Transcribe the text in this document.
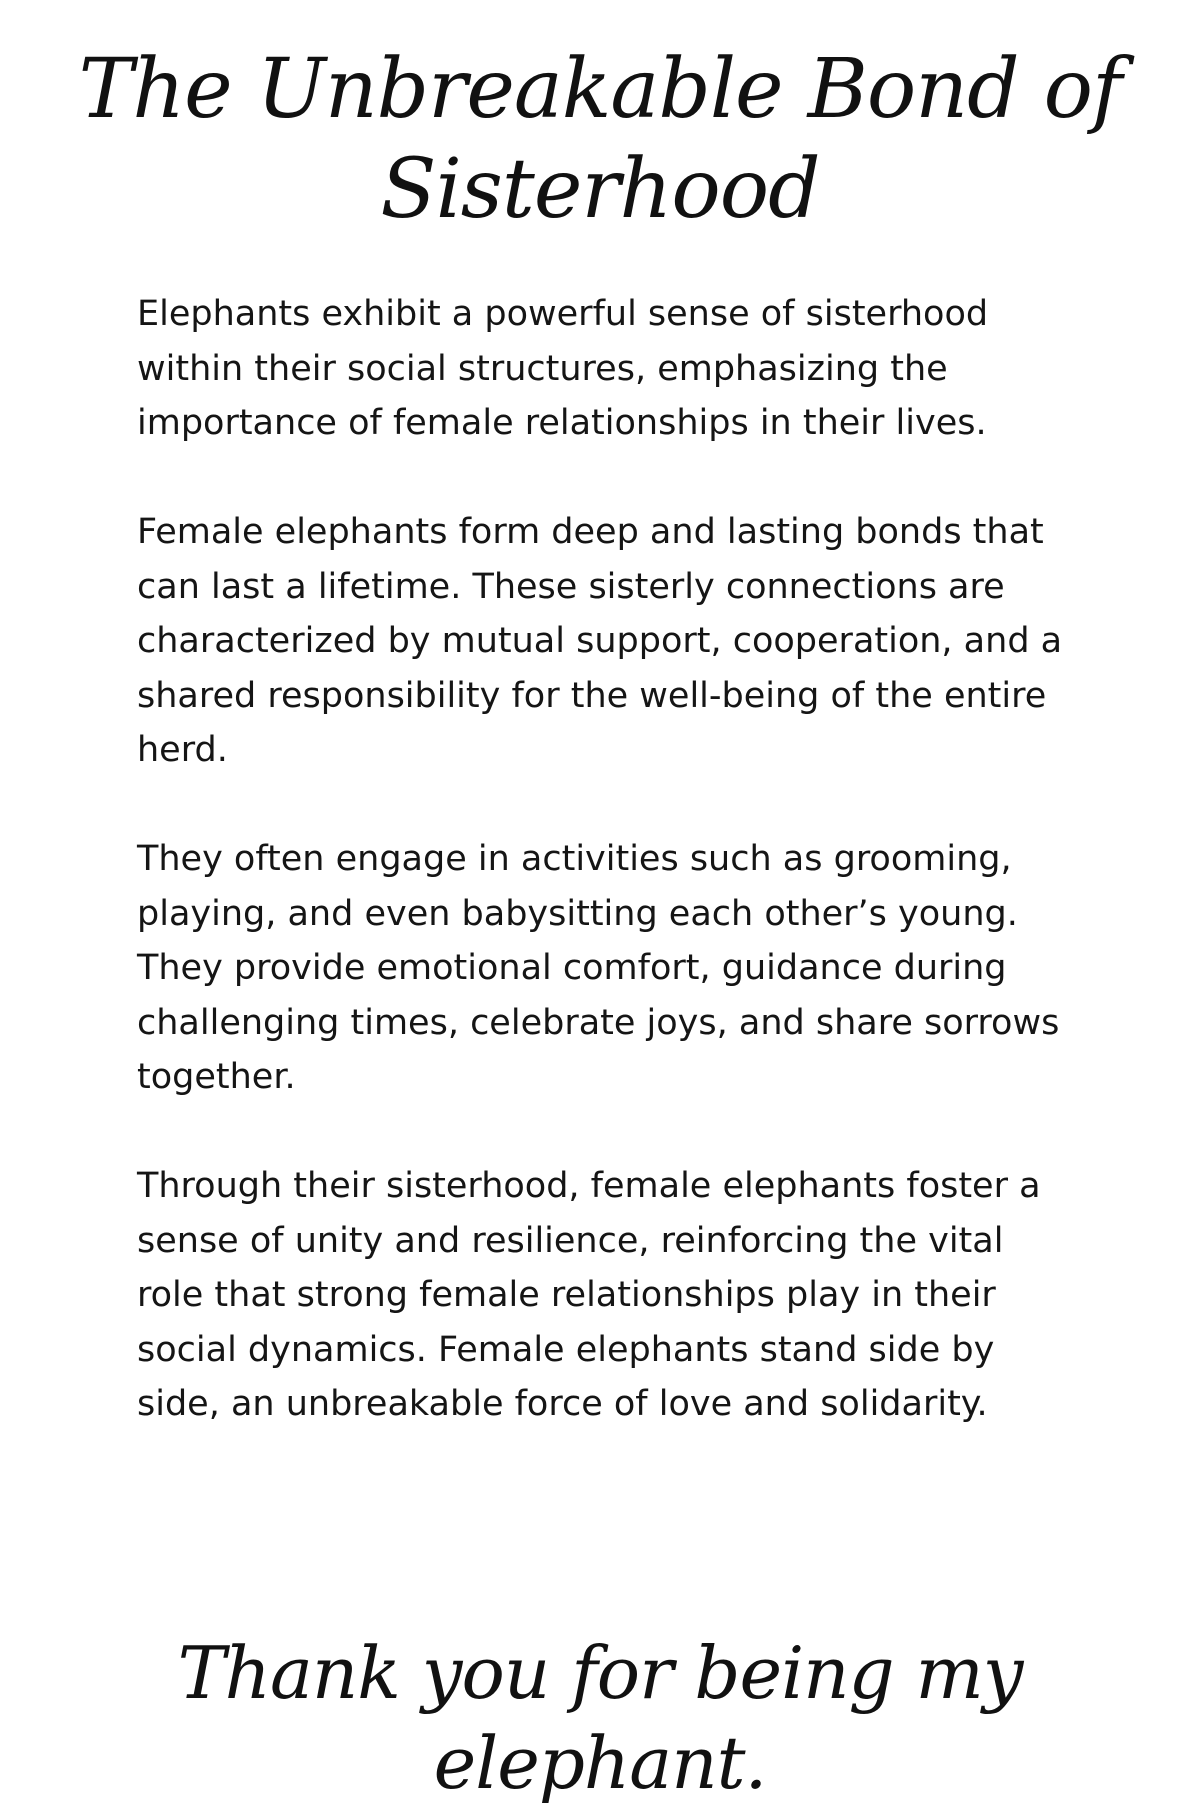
The Unbreakable Bond of Sisterhood

Elephants exhibit a powerful sense of sisterhood within their social structures, emphasizing the importance of female relationships in their lives.

Female elephants form deep and lasting bonds that can last a lifetime. These sisterly connections are characterized by mutual support, cooperation, and a shared responsibility for the well-being of the entire herd.

They often engage in activities such as grooming, playing, and even babysitting each other’s young. They provide emotional comfort, guidance during challenging times, celebrate joys, and share sorrows together.

Through their sisterhood, female elephants foster a sense of unity and resilience, reinforcing the vital role that strong female relationships play in their social dynamics. Female elephants stand side by side, an unbreakable force of love and solidarity.

Thank you for being my elephant.
